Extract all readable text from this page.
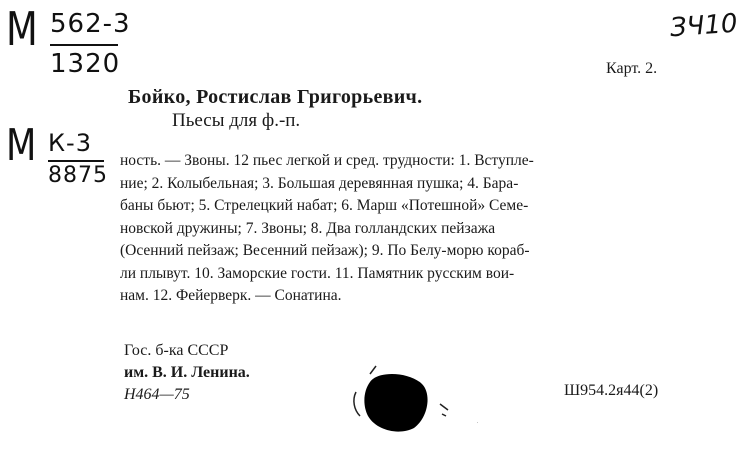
М 562-3
1320
ЗЧ10
М К-3
8875
Карт. 2.
Бойко, Ростислав Григорьевич.
Пьесы для ф.-п.

ность. — Звоны. 12 пьес легкой и сред. трудности: 1. Вступле-
ние; 2. Колыбельная; 3. Большая деревянная пушка; 4. Бара-
баны бьют; 5. Стрелецкий набат; 6. Марш «Потешной» Семе-
новской дружины; 7. Звоны; 8. Два голландских пейзажа
(Осенний пейзаж; Весенний пейзаж); 9. По Белу-морю кораб-
ли плывут. 10. Заморские гости. 11. Памятник русским вои-
нам. 12. Фейерверк. — Сонатина.

Гос. б-ка СССР
им. В. И. Ленина.
Н464—75	Ш954.2я44(2)
